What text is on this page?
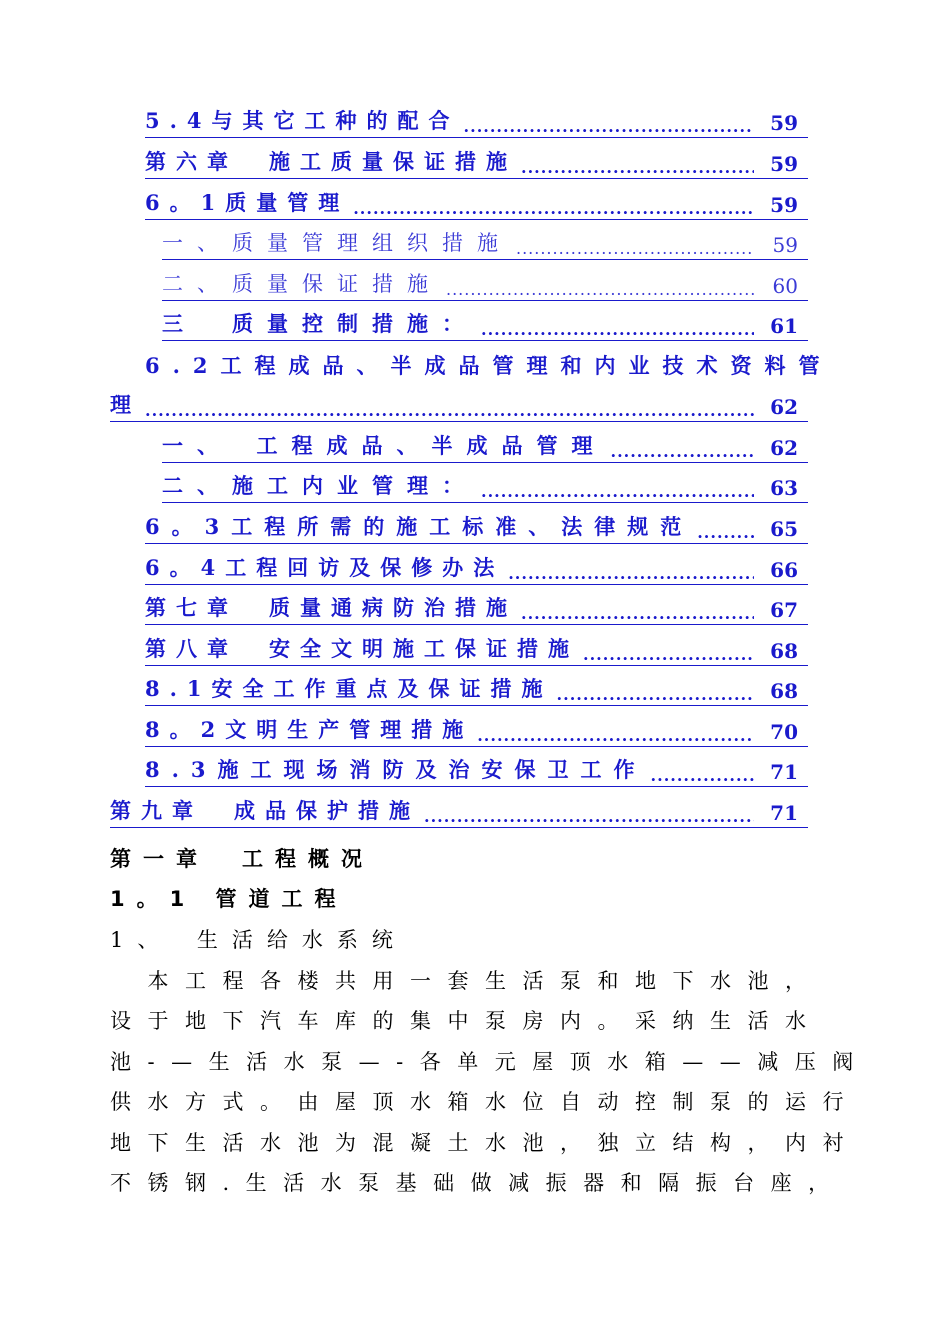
5.4与其它工种的配合 .....	59
第六章　施工质量保证措施 .....	59
6。1质量管理 .....	59
一、质量管理组织措施 .....	59
二、质量保证措施 .....	60
三　质量控制措施： .....	61
6.2工程成品、半成品管理和内业技术资料管
理 .....	62
一、　工程成品、半成品管理 .....	62
二、施工内业管理： .....	63
6。3工程所需的施工标准、法律规范 .....	65
6。4工程回访及保修办法 .....	66
第七章　质量通病防治措施 .....	67
第八章　安全文明施工保证措施 .....	68
8.1安全工作重点及保证措施 .....	68
8。2文明生产管理措施 .....	70
8.3施工现场消防及治安保卫工作 .....	71
第九章　成品保护措施 .....	71
第一章　工程概况
1。1 管道工程
1、　生活给水系统
　本工程各楼共用一套生活泵和地下水池，
设于地下汽车库的集中泵房内。采纳生活水
池-—生活水泵—-各单元屋顶水箱——减压阀
供水方式。由屋顶水箱水位自动控制泵的运行
地下生活水池为混凝土水池，独立结构，内衬
不锈钢.生活水泵基础做减振器和隔振台座，
